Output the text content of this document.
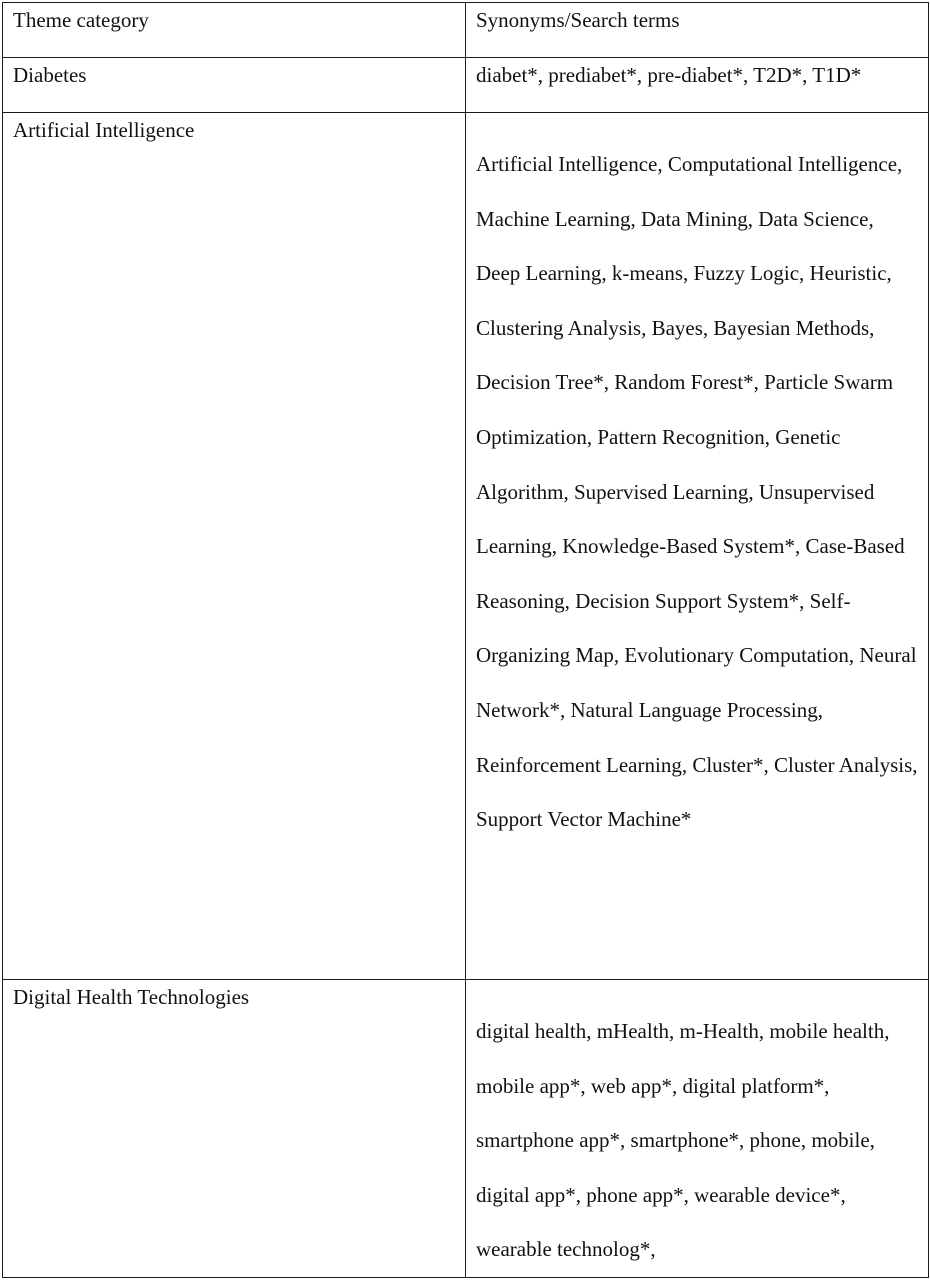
Theme category	Synonyms/Search terms

Diabetes	diabet*, prediabet*, pre-diabet*, T2D*, T1D*

Artificial Intelligence	Artificial Intelligence, Computational Intelligence, Machine Learning, Data Mining, Data Science, Deep Learning, k-means, Fuzzy Logic, Heuristic, Clustering Analysis, Bayes, Bayesian Methods, Decision Tree*, Random Forest*, Particle Swarm Optimization, Pattern Recognition, Genetic Algorithm, Supervised Learning, Unsupervised Learning, Knowledge-Based System*, Case-Based Reasoning, Decision Support System*, Self-Organizing Map, Evolutionary Computation, Neural Network*, Natural Language Processing, Reinforcement Learning, Cluster*, Cluster Analysis, Support Vector Machine*

Digital Health Technologies	digital health, mHealth, m-Health, mobile health, mobile app*, web app*, digital platform*, smartphone app*, smartphone*, phone, mobile, digital app*, phone app*, wearable device*, wearable technolog*,
